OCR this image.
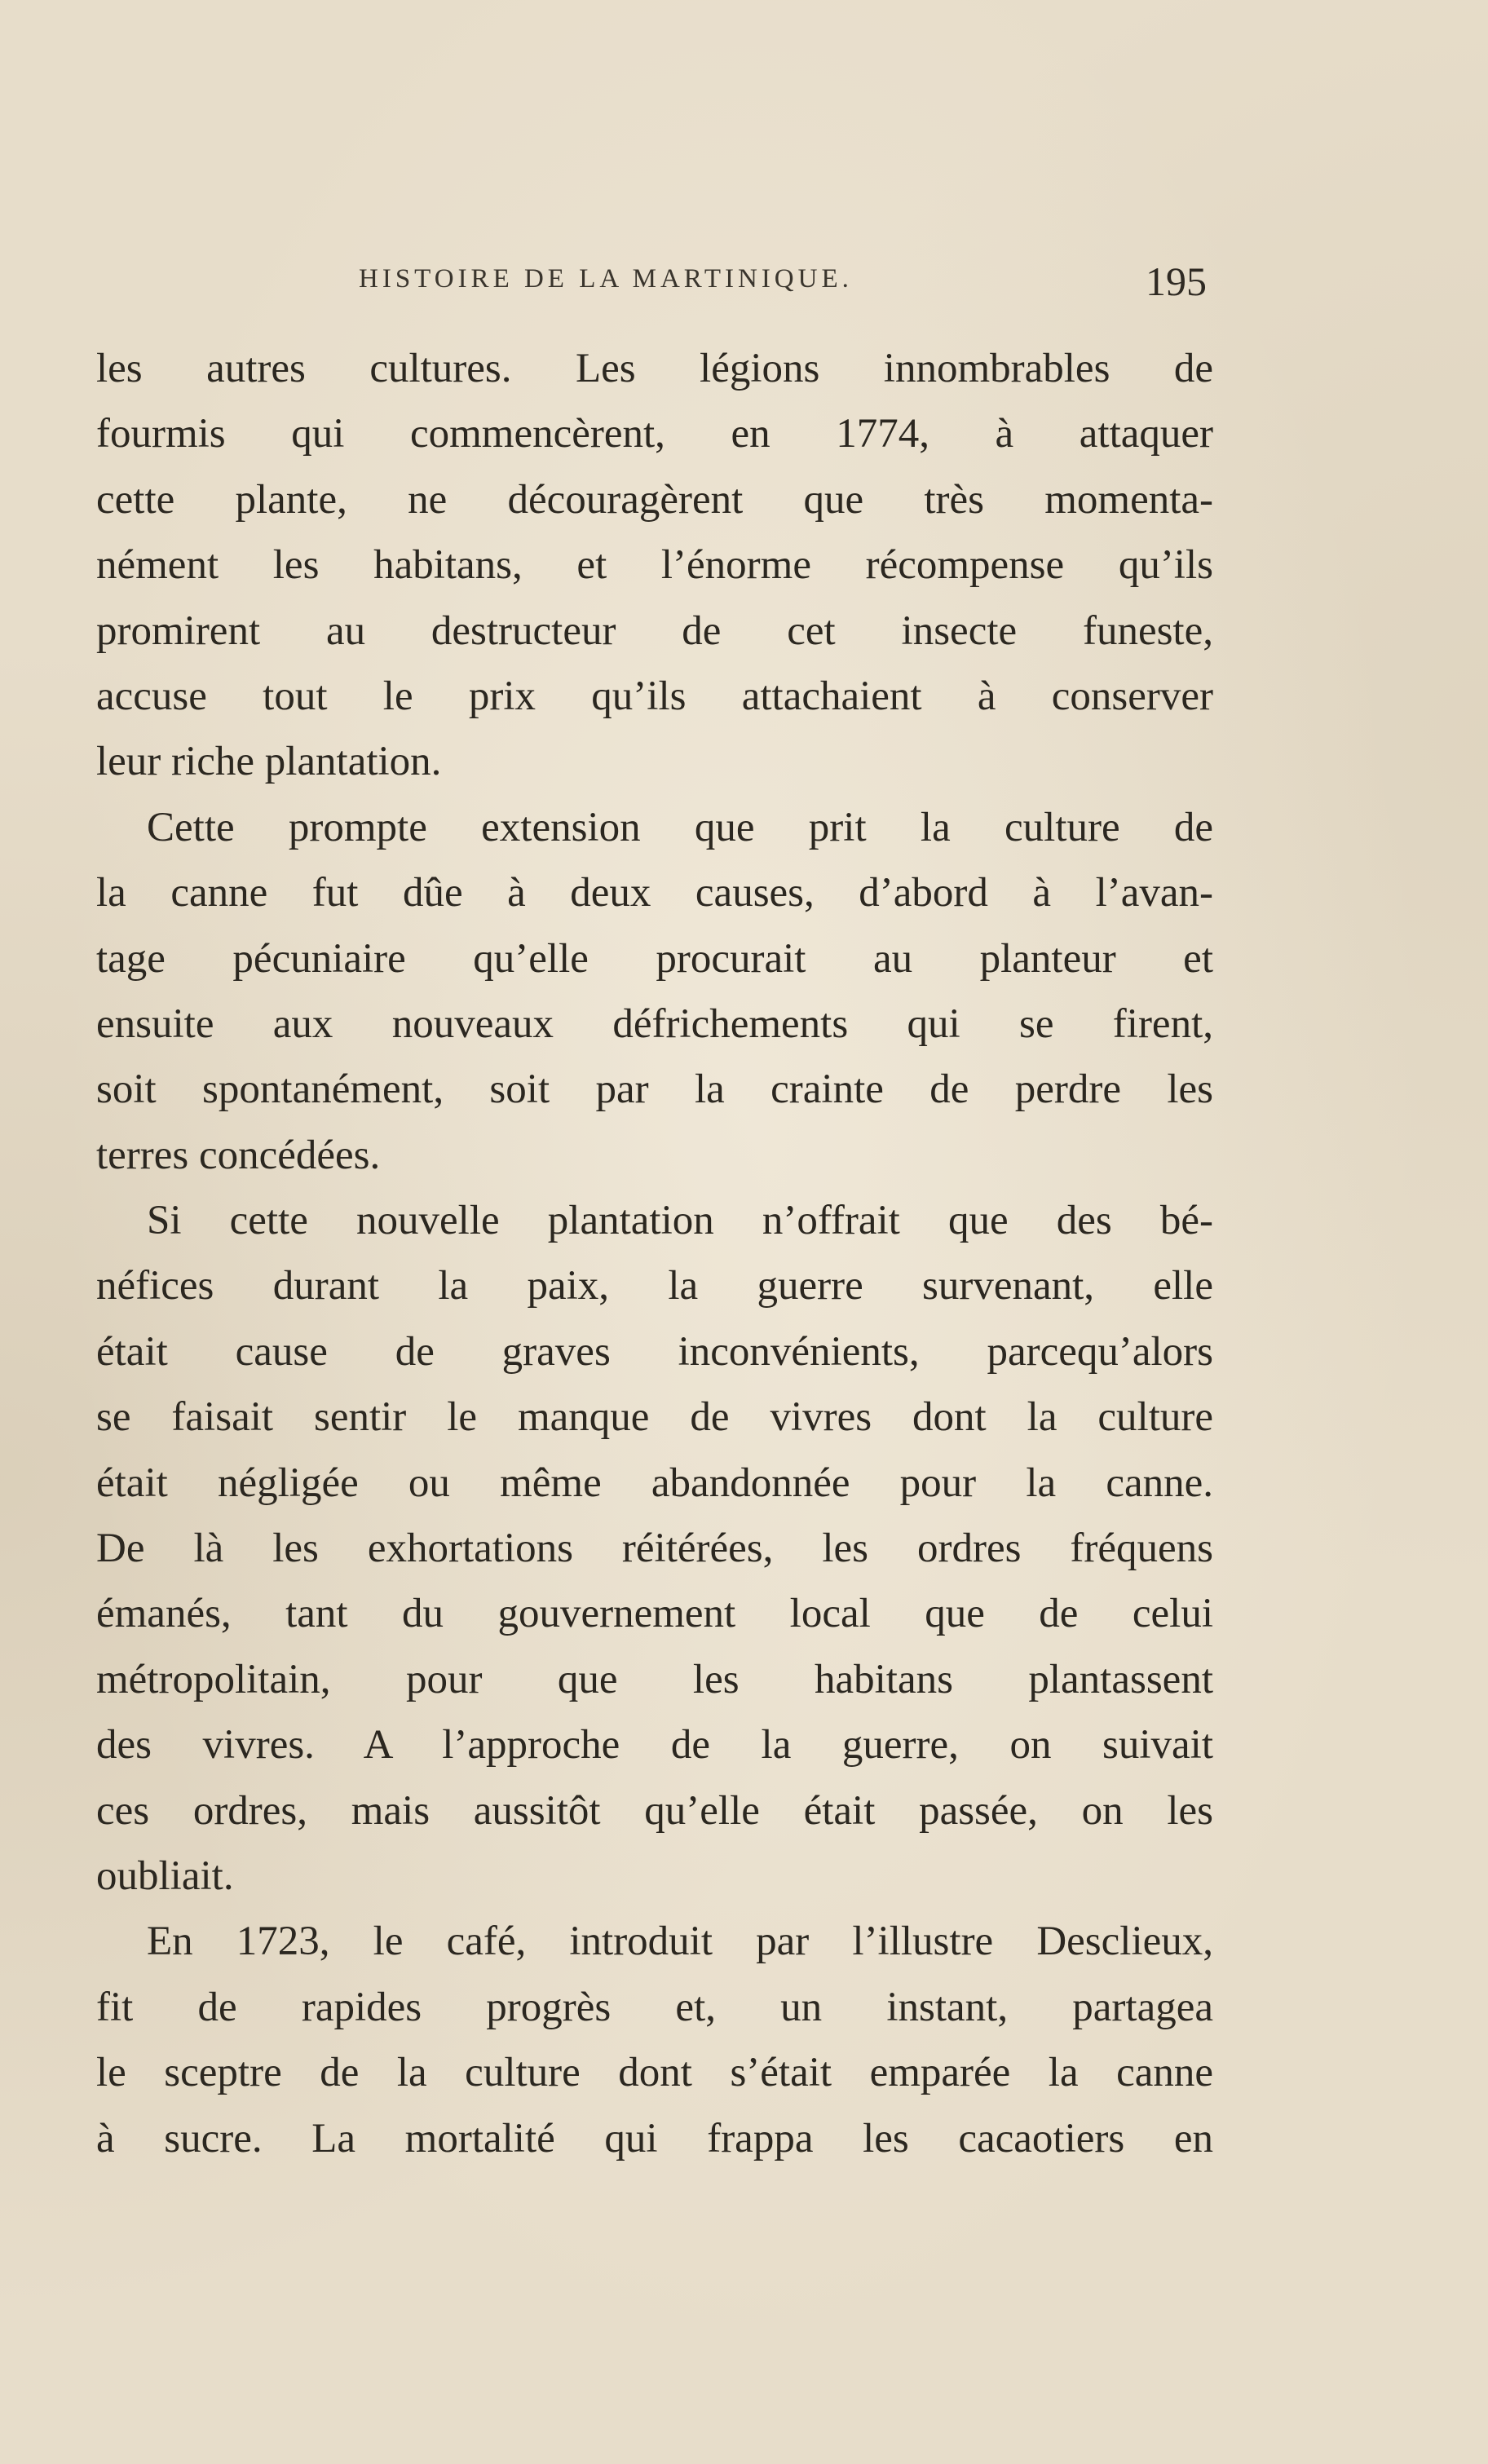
HISTOIRE DE LA MARTINIQUE.	195
les autres cultures. Les légions innombrables de
fourmis qui commencèrent, en 1774, à attaquer
cette plante, ne découragèrent que très momenta-
nément les habitans, et l’énorme récompense qu’ils
promirent au destructeur de cet insecte funeste,
accuse tout le prix qu’ils attachaient à conserver
leur riche plantation.
Cette prompte extension que prit la culture de
la canne fut dûe à deux causes, d’abord à l’avan-
tage pécuniaire qu’elle procurait au planteur et
ensuite aux nouveaux défrichements qui se firent,
soit spontanément, soit par la crainte de perdre les
terres concédées.
Si cette nouvelle plantation n’offrait que des bé-
néfices durant la paix, la guerre survenant, elle
était cause de graves inconvénients, parcequ’alors
se faisait sentir le manque de vivres dont la culture
était négligée ou même abandonnée pour la canne.
De là les exhortations réitérées, les ordres fréquens
émanés, tant du gouvernement local que de celui
métropolitain, pour que les habitans plantassent
des vivres. A l’approche de la guerre, on suivait
ces ordres, mais aussitôt qu’elle était passée, on les
oubliait.
En 1723, le café, introduit par l’illustre Desclieux,
fit de rapides progrès et, un instant, partagea
le sceptre de la culture dont s’était emparée la canne
à sucre. La mortalité qui frappa les cacaotiers en
